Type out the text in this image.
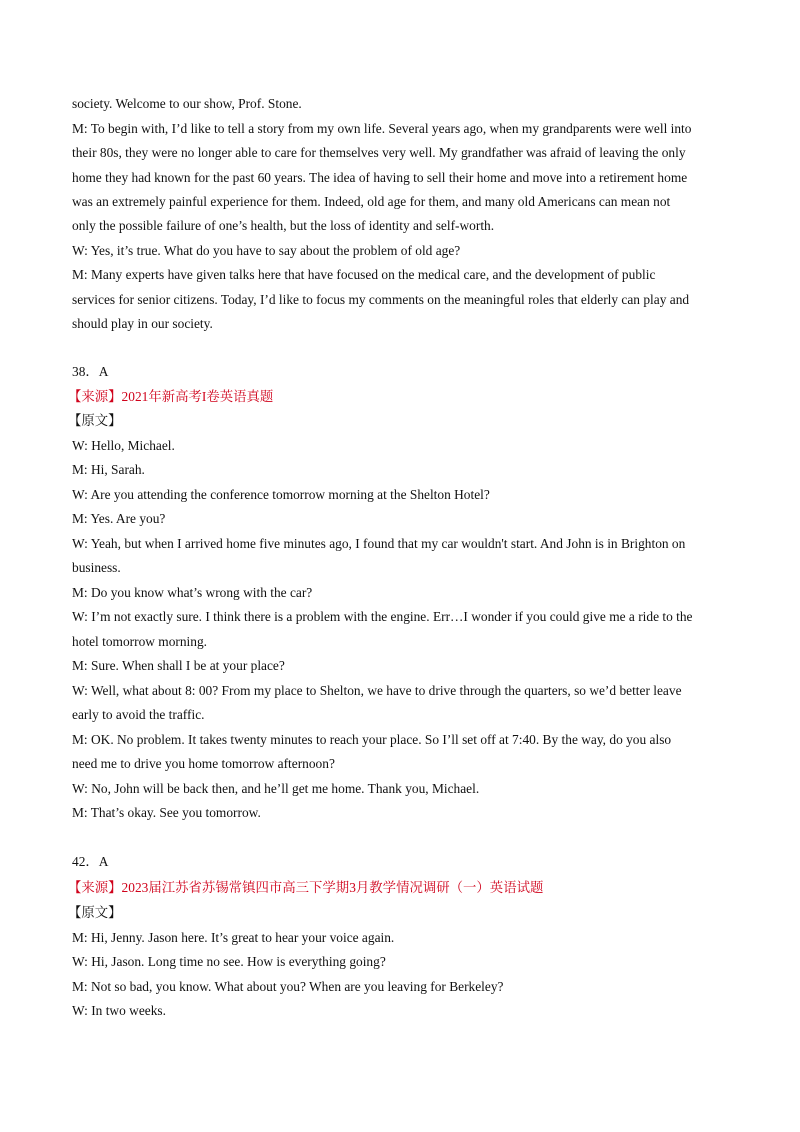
society. Welcome to our show, Prof. Stone.
M: To begin with, I’d like to tell a story from my own life. Several years ago, when my grandparents were well into
their 80s, they were no longer able to care for themselves very well. My grandfather was afraid of leaving the only
home they had known for the past 60 years. The idea of having to sell their home and move into a retirement home
was an extremely painful experience for them. Indeed, old age for them, and many old Americans can mean not
only the possible failure of one’s health, but the loss of identity and self-worth.
W: Yes, it’s true. What do you have to say about the problem of old age?
M: Many experts have given talks here that have focused on the medical care, and the development of public
services for senior citizens. Today, I’d like to focus my comments on the meaningful roles that elderly can play and
should play in our society.
38．A
【来源】2021年新高考I卷英语真题
【原文】
W: Hello, Michael.
M: Hi, Sarah.
W: Are you attending the conference tomorrow morning at the Shelton Hotel?
M: Yes. Are you?
W: Yeah, but when I arrived home five minutes ago, I found that my car wouldn't start. And John is in Brighton on
business.
M: Do you know what’s wrong with the car?
W: I’m not exactly sure. I think there is a problem with the engine. Err…I wonder if you could give me a ride to the
hotel tomorrow morning.
M: Sure. When shall I be at your place?
W: Well, what about 8: 00? From my place to Shelton, we have to drive through the quarters, so we’d better leave
early to avoid the traffic.
M: OK. No problem. It takes twenty minutes to reach your place. So I’ll set off at 7:40. By the way, do you also
need me to drive you home tomorrow afternoon?
W: No, John will be back then, and he’ll get me home. Thank you, Michael.
M: That’s okay. See you tomorrow.
42．A
【来源】2023届江苏省苏锡常镇四市高三下学期3月教学情况调研（一）英语试题
【原文】
M: Hi, Jenny. Jason here. It’s great to hear your voice again.
W: Hi, Jason. Long time no see. How is everything going?
M: Not so bad, you know. What about you? When are you leaving for Berkeley?
W: In two weeks.
